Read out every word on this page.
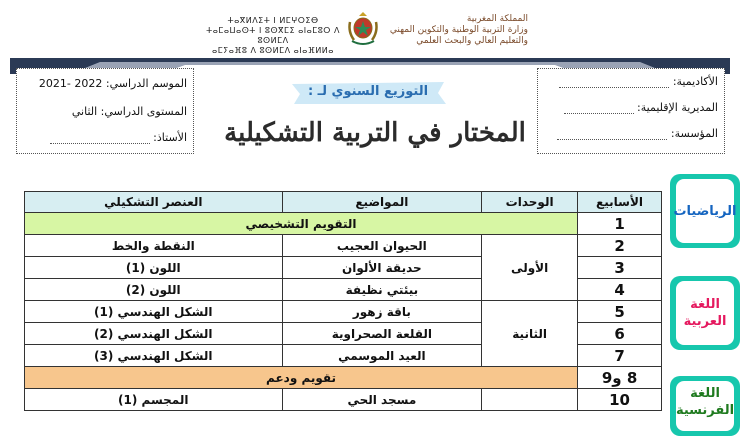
ⵜⴰⴳⵍⴷⵉⵜ ⵏ ⵍⵎⵖⵔⵉⴱ
ⵜⴰⵎⴰⵡⴰⵙⵜ ⵏ ⵓⵙⴳⵎⵉ ⴰⵏⴰⵎⵓⵔ ⴷ ⵓⵙⵍⵎⴷ
ⴰⵎⵢⴰⴼⵓ ⴷ ⵓⵙⵍⵎⴷ ⴰⵏⴰⴼⵍⵍⴰ
المملكة المغربية
وزارة التربية الوطنية والتكوين المهني
والتعليم العالي والبحث العلمي
الموسم الدراسي: 2021- 2022
المستوى الدراسي: الثاني
الأستاذ:
الأكاديمية:
المديرية الإقليمية:
المؤسسة:
التوزيع السنوي لـ :
المختار في التربية التشكيلية
الأسابيع	الوحدات	المواضيع	العنصر التشكيلي
1	التقويم التشخيصي		
2	الأولى	الحيوان العجيب	النقطة والخط
3		حديقة الألوان	اللون (1)
4		بيئتي نظيفة	اللون (2)
5	الثانية	باقة زهور	الشكل الهندسي (1)
6		القلعة الصحراوية	الشكل الهندسي (2)
7		العيد الموسمي	الشكل الهندسي (3)
8 و9	تقويم ودعم		
10		مسجد الحي	المجسم (1)
الرياضيات
اللغة العربية
اللغة الفرنسية
